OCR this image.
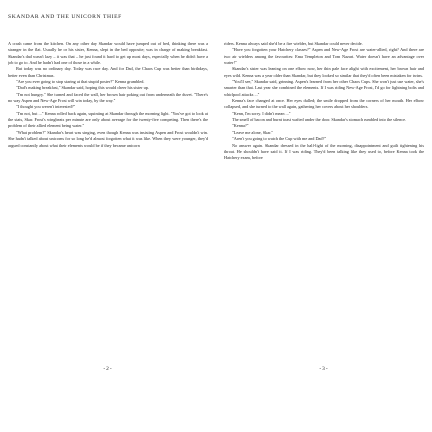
SKANDAR AND THE UNICORN THIEF

A crash came from the kitchen. On any other day Skandar would have jumped out of bed, thinking there was a stranger in the flat. Usually he or his sister, Kenna, slept in the bed opposite; was in charge of making breakfast. Skandar's dad wasn't lazy – it was that – he just found it hard to get up most days, especially when he didn't have a job to go to. And he hadn't had one of those in a while.

But today was no ordinary day. Today was race day. And for Dad, the Chaos Cup was better than birthdays, better even than Christmas.

"Are you ever going to stop staring at that stupid poster?" Kenna grumbled.

"Dad's making breakfast," Skandar said, hoping this would cheer his sister up.

"I'm not hungry." She turned and faced the wall, her brown hair poking out from underneath the duvet. "There's no way Aspen and New-Age Frost will win today, by the way."

"I thought you weren't interested?"

"I'm not, but ..." Kenna rolled back again, squinting at Skandar through the morning light. "You've got to look at the stats, Skar. Frost's wingbeats per minute are only about average for the twenty-five competing. Then there's the problem of their allied element being water."

"What problem?" Skandar's heart was singing, even though Kenna was insisting Aspen and Frost wouldn't win. She hadn't talked about unicorns for so long he'd almost forgotten what it was like. When they were younger, they'd argued constantly about what their elements would be if they became unicorn

-2-

riders. Kenna always said she'd be a fire wielder, but Skandar could never decide.

"Have you forgotten your Hatchery classes?" Aspen and New-Age Frost are water-allied, right? And there are two air wielders among the favourites: Ema Templeton and Tom Nazari. Water doesn't have an advantage over water!"

Skandar's sister was leaning on one elbow now, her thin pale face alight with excitement, her brown hair and eyes wild. Kenna was a year older than Skandar, but they looked so similar that they'd often been mistaken for twins.

"You'll see," Skandar said, grinning. Aspen's learned from her other Chaos Cups. She won't just use water, she's smarter than that. Last year she combined the elements. If I was riding New-Age Frost, I'd go for lightning bolts and whirlpool attacks ..."

Kenna's face changed at once. Her eyes dulled; the smile dropped from the corners of her mouth. Her elbow collapsed, and she turned to the wall again, gathering her covers about her shoulders.

"Kenn, I'm sorry. I didn't mean ..."

The smell of bacon and burnt toast wafted under the door. Skandar's stomach rumbled into the silence.

"Kenna?"

"Leave me alone, Skar."

"Aren't you going to watch the Cup with me and Dad?"

No answer again. Skandar dressed in the half-light of the morning, disappointment and guilt tightening his throat. He shouldn't have said it. If I was riding. They'd been talking like they used to, before Kenna took the Hatchery exam, before

-3-
